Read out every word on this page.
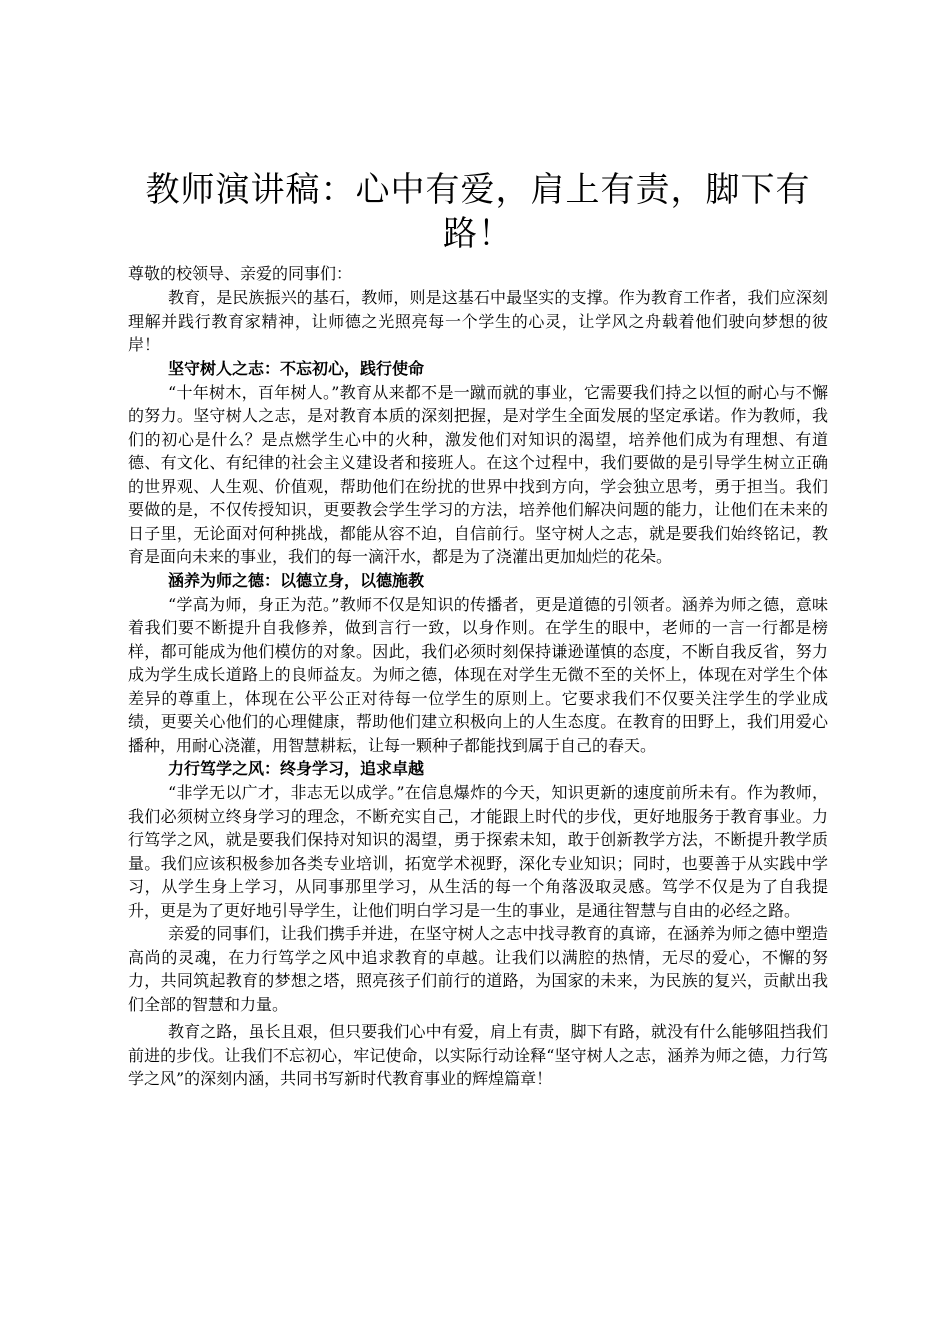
教师演讲稿：心中有爱，肩上有责，脚下有路！

尊敬的校领导、亲爱的同事们：

教育，是民族振兴的基石，教师，则是这基石中最坚实的支撑。作为教育工作者，我们应深刻理解并践行教育家精神，让师德之光照亮每一个学生的心灵，让学风之舟载着他们驶向梦想的彼岸！

坚守树人之志：不忘初心，践行使命

“十年树木，百年树人。”教育从来都不是一蹴而就的事业，它需要我们持之以恒的耐心与不懈的努力。坚守树人之志，是对教育本质的深刻把握，是对学生全面发展的坚定承诺。作为教师，我们的初心是什么？是点燃学生心中的火种，激发他们对知识的渴望，培养他们成为有理想、有道德、有文化、有纪律的社会主义建设者和接班人。在这个过程中，我们要做的是引导学生树立正确的世界观、人生观、价值观，帮助他们在纷扰的世界中找到方向，学会独立思考，勇于担当。我们要做的是，不仅传授知识，更要教会学生学习的方法，培养他们解决问题的能力，让他们在未来的日子里，无论面对何种挑战，都能从容不迫，自信前行。坚守树人之志，就是要我们始终铭记，教育是面向未来的事业，我们的每一滴汗水，都是为了浇灌出更加灿烂的花朵。

涵养为师之德：以德立身，以德施教

“学高为师，身正为范。”教师不仅是知识的传播者，更是道德的引领者。涵养为师之德，意味着我们要不断提升自我修养，做到言行一致，以身作则。在学生的眼中，老师的一言一行都是榜样，都可能成为他们模仿的对象。因此，我们必须时刻保持谦逊谨慎的态度，不断自我反省，努力成为学生成长道路上的良师益友。为师之德，体现在对学生无微不至的关怀上，体现在对学生个体差异的尊重上，体现在公平公正对待每一位学生的原则上。它要求我们不仅要关注学生的学业成绩，更要关心他们的心理健康，帮助他们建立积极向上的人生态度。在教育的田野上，我们用爱心播种，用耐心浇灌，用智慧耕耘，让每一颗种子都能找到属于自己的春天。

力行笃学之风：终身学习，追求卓越

“非学无以广才，非志无以成学。”在信息爆炸的今天，知识更新的速度前所未有。作为教师，我们必须树立终身学习的理念，不断充实自己，才能跟上时代的步伐，更好地服务于教育事业。力行笃学之风，就是要我们保持对知识的渴望，勇于探索未知，敢于创新教学方法，不断提升教学质量。我们应该积极参加各类专业培训，拓宽学术视野，深化专业知识；同时，也要善于从实践中学习，从学生身上学习，从同事那里学习，从生活的每一个角落汲取灵感。笃学不仅是为了自我提升，更是为了更好地引导学生，让他们明白学习是一生的事业，是通往智慧与自由的必经之路。

亲爱的同事们，让我们携手并进，在坚守树人之志中找寻教育的真谛，在涵养为师之德中塑造高尚的灵魂，在力行笃学之风中追求教育的卓越。让我们以满腔的热情，无尽的爱心，不懈的努力，共同筑起教育的梦想之塔，照亮孩子们前行的道路，为国家的未来，为民族的复兴，贡献出我们全部的智慧和力量。

教育之路，虽长且艰，但只要我们心中有爱，肩上有责，脚下有路，就没有什么能够阻挡我们前进的步伐。让我们不忘初心，牢记使命，以实际行动诠释“坚守树人之志，涵养为师之德，力行笃学之风”的深刻内涵，共同书写新时代教育事业的辉煌篇章！
